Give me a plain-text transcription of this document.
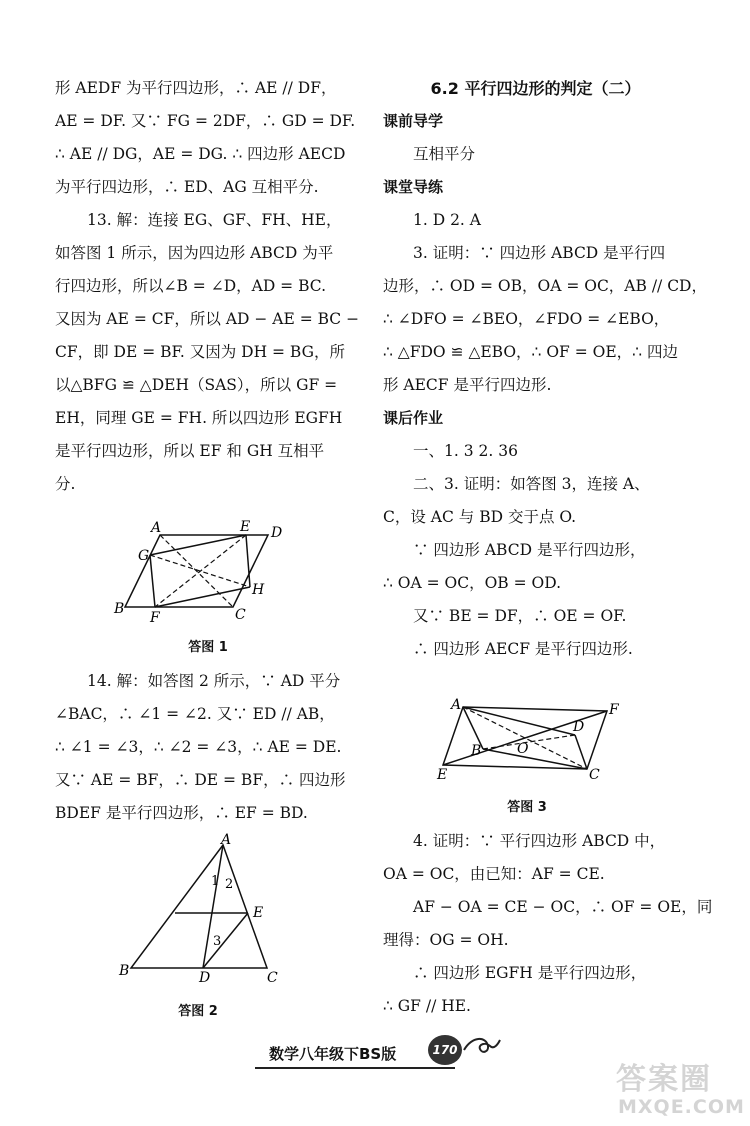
形 AEDF 为平行四边形，∴ AE // DF，
AE = DF. 又∵ FG = 2DF，∴ GD = DF.
∴ AE // DG，AE = DG. ∴ 四边形 AECD
为平行四边形，∴ ED、AG 互相平分.
13. 解：连接 EG、GF、FH、HE，
如答图 1 所示，因为四边形 ABCD 为平
行四边形，所以∠B = ∠D，AD = BC.
又因为 AE = CF，所以 AD − AE = BC −
CF，即 DE = BF. 又因为 DH = BG，所
以△BFG ≌ △DEH（SAS），所以 GF =
EH，同理 GE = FH. 所以四边形 EGFH
是平行四边形，所以 EF 和 GH 互相平
分.
A	E D
G
H
B
F	C
答图 1
14. 解：如答图 2 所示，∵ AD 平分
∠BAC，∴ ∠1 = ∠2. 又∵ ED // AB，
∴ ∠1 = ∠3，∴ ∠2 = ∠3，∴ AE = DE.
又∵ AE = BF，∴ DE = BF，∴ 四边形
BDEF 是平行四边形，∴ EF = BD.
A
E
B	D	C
1 2
3
答图 2
6.2 平行四边形的判定（二）
课前导学
互相平分
课堂导练
1. D 2. A
3. 证明：∵ 四边形 ABCD 是平行四
边形，∴ OD = OB，OA = OC，AB // CD，
∴ ∠DFO = ∠BEO，∠FDO = ∠EBO，
∴ △FDO ≌ △EBO，∴ OF = OE，∴ 四边
形 AECF 是平行四边形.
课后作业
一、1. 3 2. 36
二、3. 证明：如答图 3，连接 A、
C，设 AC 与 BD 交于点 O.
∵ 四边形 ABCD 是平行四边形，
∴ OA = OC，OB = OD.
又∵ BE = DF，∴ OE = OF.
∴ 四边形 AECF 是平行四边形.
A	F
D
B	O
E	C
答图 3
4. 证明：∵ 平行四边形 ABCD 中，
OA = OC，由已知：AF = CE.
AF − OA = CE − OC，∴ OF = OE，同
理得：OG = OH.
∴ 四边形 EGFH 是平行四边形，
∴ GF // HE.
数学八年级下BS版	170
答案圈
MXQE.COM
